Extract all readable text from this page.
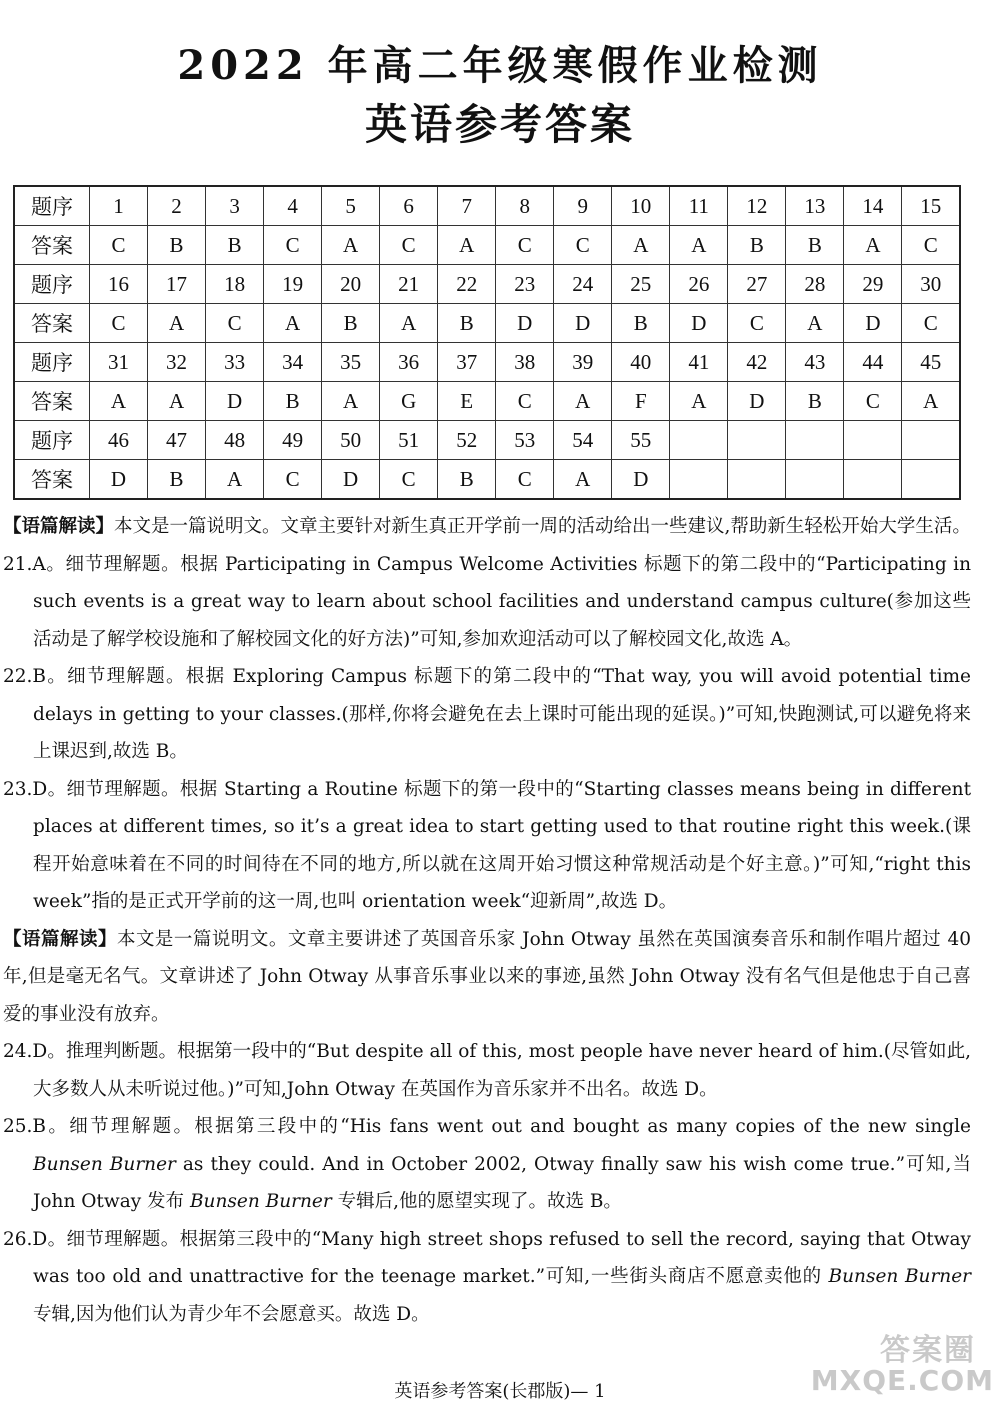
2022 年高二年级寒假作业检测
英语参考答案
题序	1	2	3	4	5	6	7	8	9	10	11	12	13	14	15
答案	C	B	B	C	A	C	A	C	C	A	A	B	B	A	C
题序	16	17	18	19	20	21	22	23	24	25	26	27	28	29	30
答案	C	A	C	A	B	A	B	D	D	B	D	C	A	D	C
题序	31	32	33	34	35	36	37	38	39	40	41	42	43	44	45
答案	A	A	D	B	A	G	E	C	A	F	A	D	B	C	A
题序	46	47	48	49	50	51	52	53	54	55					
答案	D	B	A	C	D	C	B	C	A	D					

【语篇解读】本文是一篇说明文。文章主要针对新生真正开学前一周的活动给出一些建议,帮助新生轻松开始大学生活。

21.A。细节理解题。根据 Participating in Campus Welcome Activities 标题下的第二段中的“Participating in such events is a great way to learn about school facilities and understand campus culture(参加这些活动是了解学校设施和了解校园文化的好方法)”可知,参加欢迎活动可以了解校园文化,故选 A。

22.B。细节理解题。根据 Exploring Campus 标题下的第二段中的“That way, you will avoid potential time delays in getting to your classes.(那样,你将会避免在去上课时可能出现的延误。)”可知,快跑测试,可以避免将来上课迟到,故选 B。

23.D。细节理解题。根据 Starting a Routine 标题下的第一段中的“Starting classes means being in different places at different times, so it’s a great idea to start getting used to that routine right this week.(课程开始意味着在不同的时间待在不同的地方,所以就在这周开始习惯这种常规活动是个好主意。)”可知,“right this week”指的是正式开学前的这一周,也叫 orientation week“迎新周”,故选 D。

【语篇解读】本文是一篇说明文。文章主要讲述了英国音乐家 John Otway 虽然在英国演奏音乐和制作唱片超过 40 年,但是毫无名气。文章讲述了 John Otway 从事音乐事业以来的事迹,虽然 John Otway 没有名气但是他忠于自己喜爱的事业没有放弃。

24.D。推理判断题。根据第一段中的“But despite all of this, most people have never heard of him.(尽管如此,大多数人从未听说过他。)”可知,John Otway 在英国作为音乐家并不出名。故选 D。

25.B。细节理解题。根据第三段中的“His fans went out and bought as many copies of the new single Bunsen Burner as they could. And in October 2002, Otway finally saw his wish come true.”可知,当 John Otway 发布 Bunsen Burner 专辑后,他的愿望实现了。故选 B。

26.D。细节理解题。根据第三段中的“Many high street shops refused to sell the record, saying that Otway was too old and unattractive for the teenage market.”可知,一些街头商店不愿意卖他的 Bunsen Burner 专辑,因为他们认为青少年不会愿意买。故选 D。

英语参考答案(长郡版)— 1
答案圈
MXQE.COM
